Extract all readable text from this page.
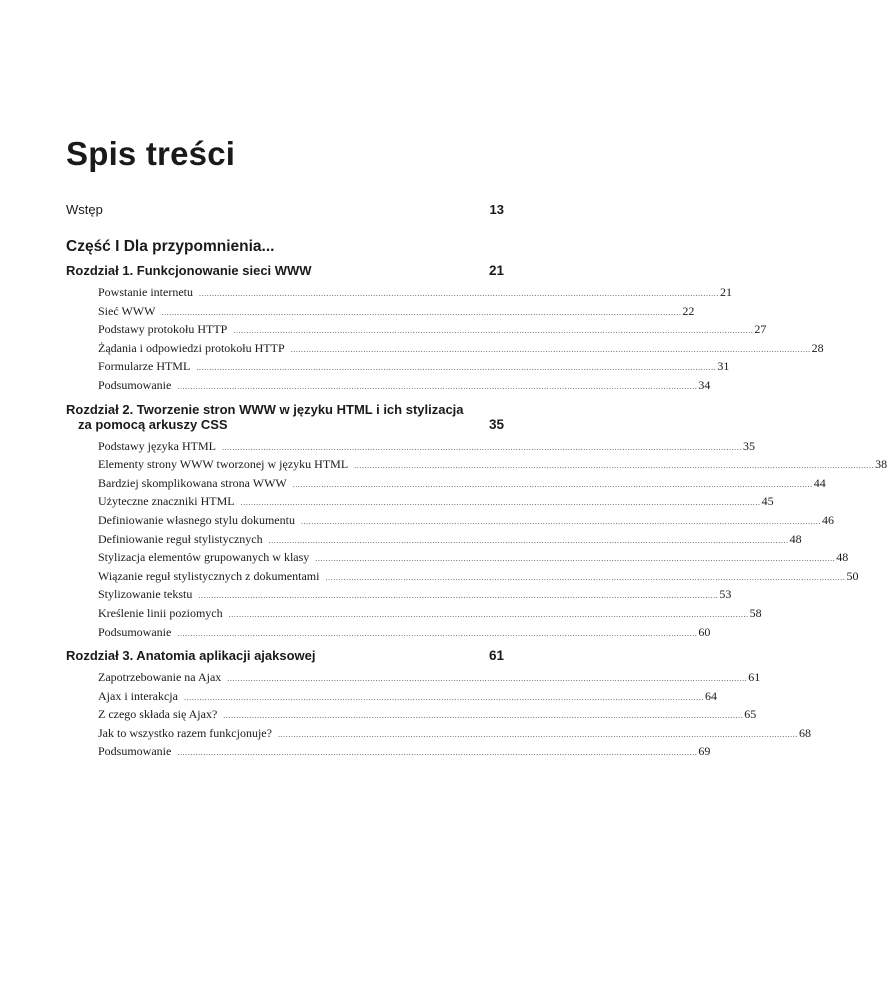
Spis treści
Wstęp	13
Część I Dla przypomnienia...
Rozdział 1. Funkcjonowanie sieci WWW	21
Powstanie internetu ........................................................................................................................................................................................................ 21
Sieć WWW ........................................................................................................................................................................................................ 22
Podstawy protokołu HTTP ........................................................................................................................................................................................................ 27
Żądania i odpowiedzi protokołu HTTP ........................................................................................................................................................................................................ 28
Formularze HTML ........................................................................................................................................................................................................ 31
Podsumowanie ........................................................................................................................................................................................................ 34
Rozdział 2. Tworzenie stron WWW w języku HTML i ich stylizacja
za pomocą arkuszy CSS	35
Podstawy języka HTML ........................................................................................................................................................................................................ 35
Elementy strony WWW tworzonej w języku HTML ........................................................................................................................................................................................................ 38
Bardziej skomplikowana strona WWW ........................................................................................................................................................................................................ 44
Użyteczne znaczniki HTML ........................................................................................................................................................................................................ 45
Definiowanie własnego stylu dokumentu ........................................................................................................................................................................................................ 46
Definiowanie reguł stylistycznych ........................................................................................................................................................................................................ 48
Stylizacja elementów grupowanych w klasy ........................................................................................................................................................................................................ 48
Wiązanie reguł stylistycznych z dokumentami ........................................................................................................................................................................................................ 50
Stylizowanie tekstu ........................................................................................................................................................................................................ 53
Kreślenie linii poziomych ........................................................................................................................................................................................................ 58
Podsumowanie ........................................................................................................................................................................................................ 60
Rozdział 3. Anatomia aplikacji ajaksowej	61
Zapotrzebowanie na Ajax ........................................................................................................................................................................................................ 61
Ajax i interakcja ........................................................................................................................................................................................................ 64
Z czego składa się Ajax? ........................................................................................................................................................................................................ 65
Jak to wszystko razem funkcjonuje? ........................................................................................................................................................................................................ 68
Podsumowanie ........................................................................................................................................................................................................ 69
